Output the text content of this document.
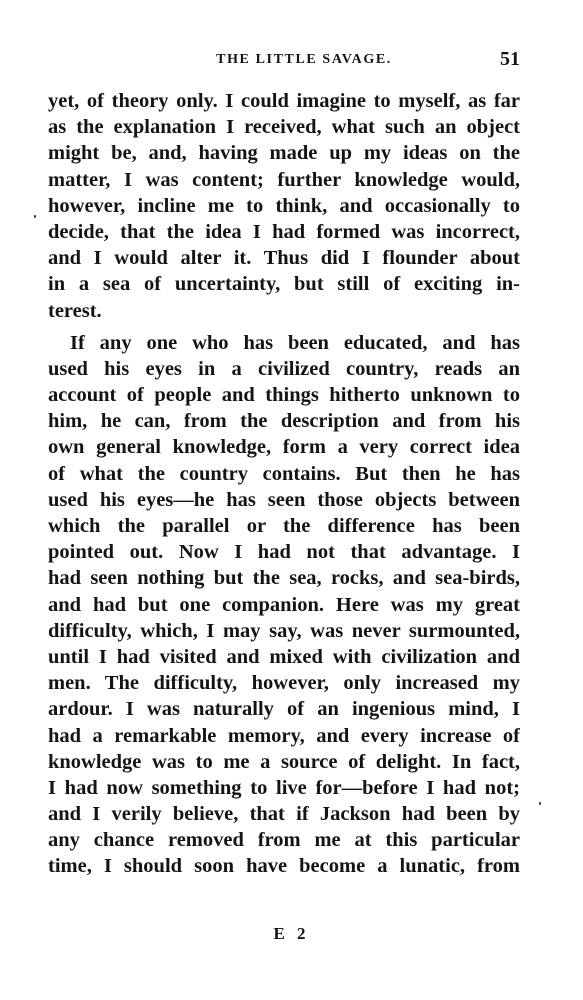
THE LITTLE SAVAGE.	51
yet, of theory only. I could imagine to myself, as far
as the explanation I received, what such an object
might be, and, having made up my ideas on the
matter, I was content; further knowledge would,
however, incline me to think, and occasionally to
decide, that the idea I had formed was incorrect,
and I would alter it. Thus did I flounder about
in a sea of uncertainty, but still of exciting in-
terest.
If any one who has been educated, and has
used his eyes in a civilized country, reads an
account of people and things hitherto unknown to
him, he can, from the description and from his
own general knowledge, form a very correct idea
of what the country contains. But then he has
used his eyes—he has seen those objects between
which the parallel or the difference has been
pointed out. Now I had not that advantage. I
had seen nothing but the sea, rocks, and sea-birds,
and had but one companion. Here was my great
difficulty, which, I may say, was never surmounted,
until I had visited and mixed with civilization and
men. The difficulty, however, only increased my
ardour. I was naturally of an ingenious mind, I
had a remarkable memory, and every increase of
knowledge was to me a source of delight. In fact,
I had now something to live for—before I had not;
and I verily believe, that if Jackson had been by
any chance removed from me at this particular
time, I should soon have become a lunatic, from
E 2
